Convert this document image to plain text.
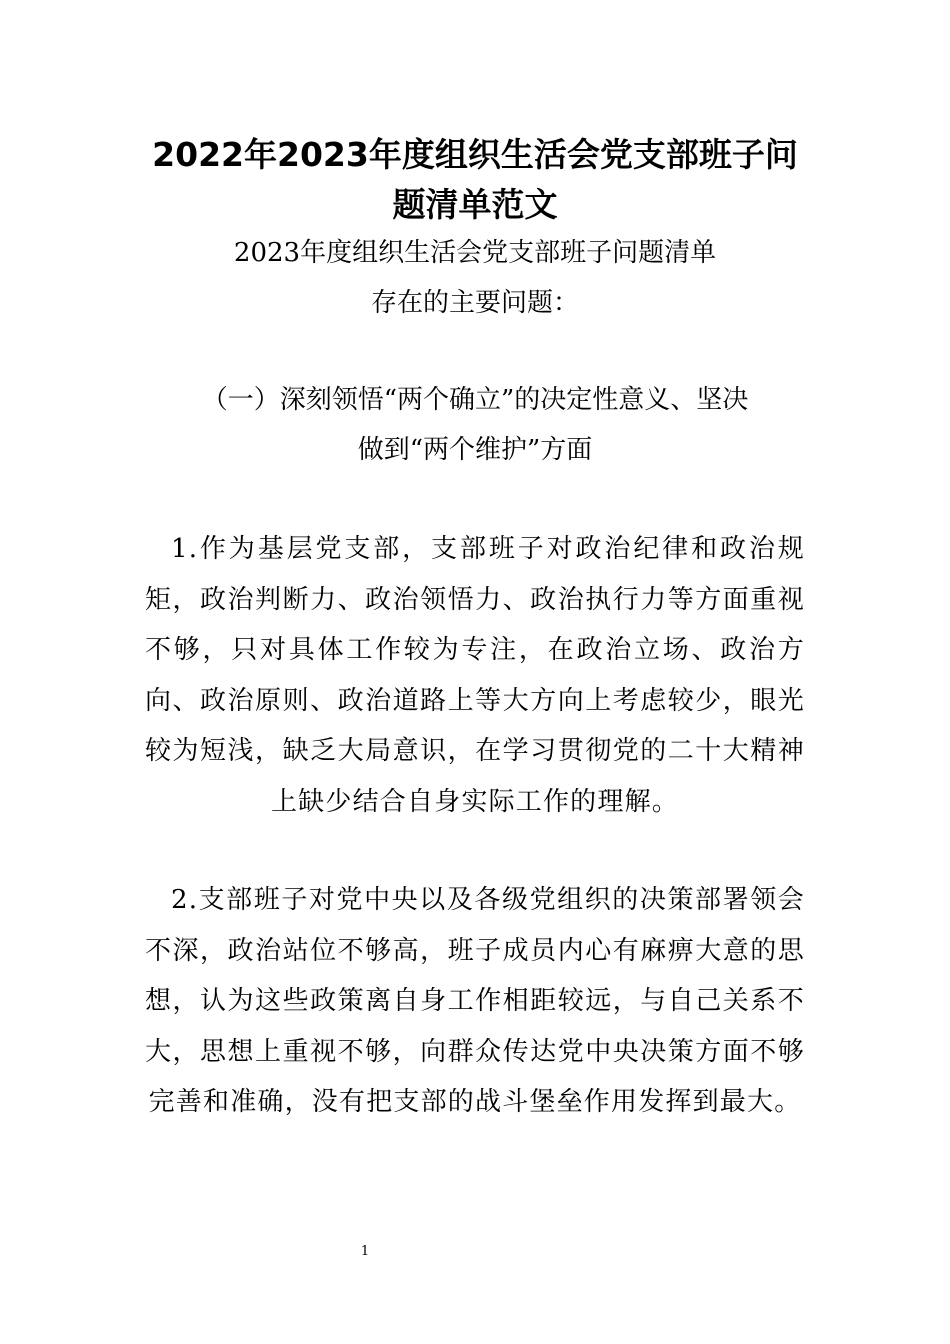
2022年2023年度组织生活会党支部班子问题清单范文
2023年度组织生活会党支部班子问题清单
存在的主要问题：
（一）深刻领悟“两个确立”的决定性意义、坚决
做到“两个维护”方面

1.作为基层党支部，支部班子对政治纪律和政治规矩，政治判断力、政治领悟力、政治执行力等方面重视不够，只对具体工作较为专注，在政治立场、政治方向、政治原则、政治道路上等大方向上考虑较少，眼光较为短浅，缺乏大局意识，在学习贯彻党的二十大精神上缺少结合自身实际工作的理解。

2.支部班子对党中央以及各级党组织的决策部署领会不深，政治站位不够高，班子成员内心有麻痹大意的思想，认为这些政策离自身工作相距较远，与自己关系不大，思想上重视不够，向群众传达党中央决策方面不够完善和准确，没有把支部的战斗堡垒作用发挥到最大。

1
